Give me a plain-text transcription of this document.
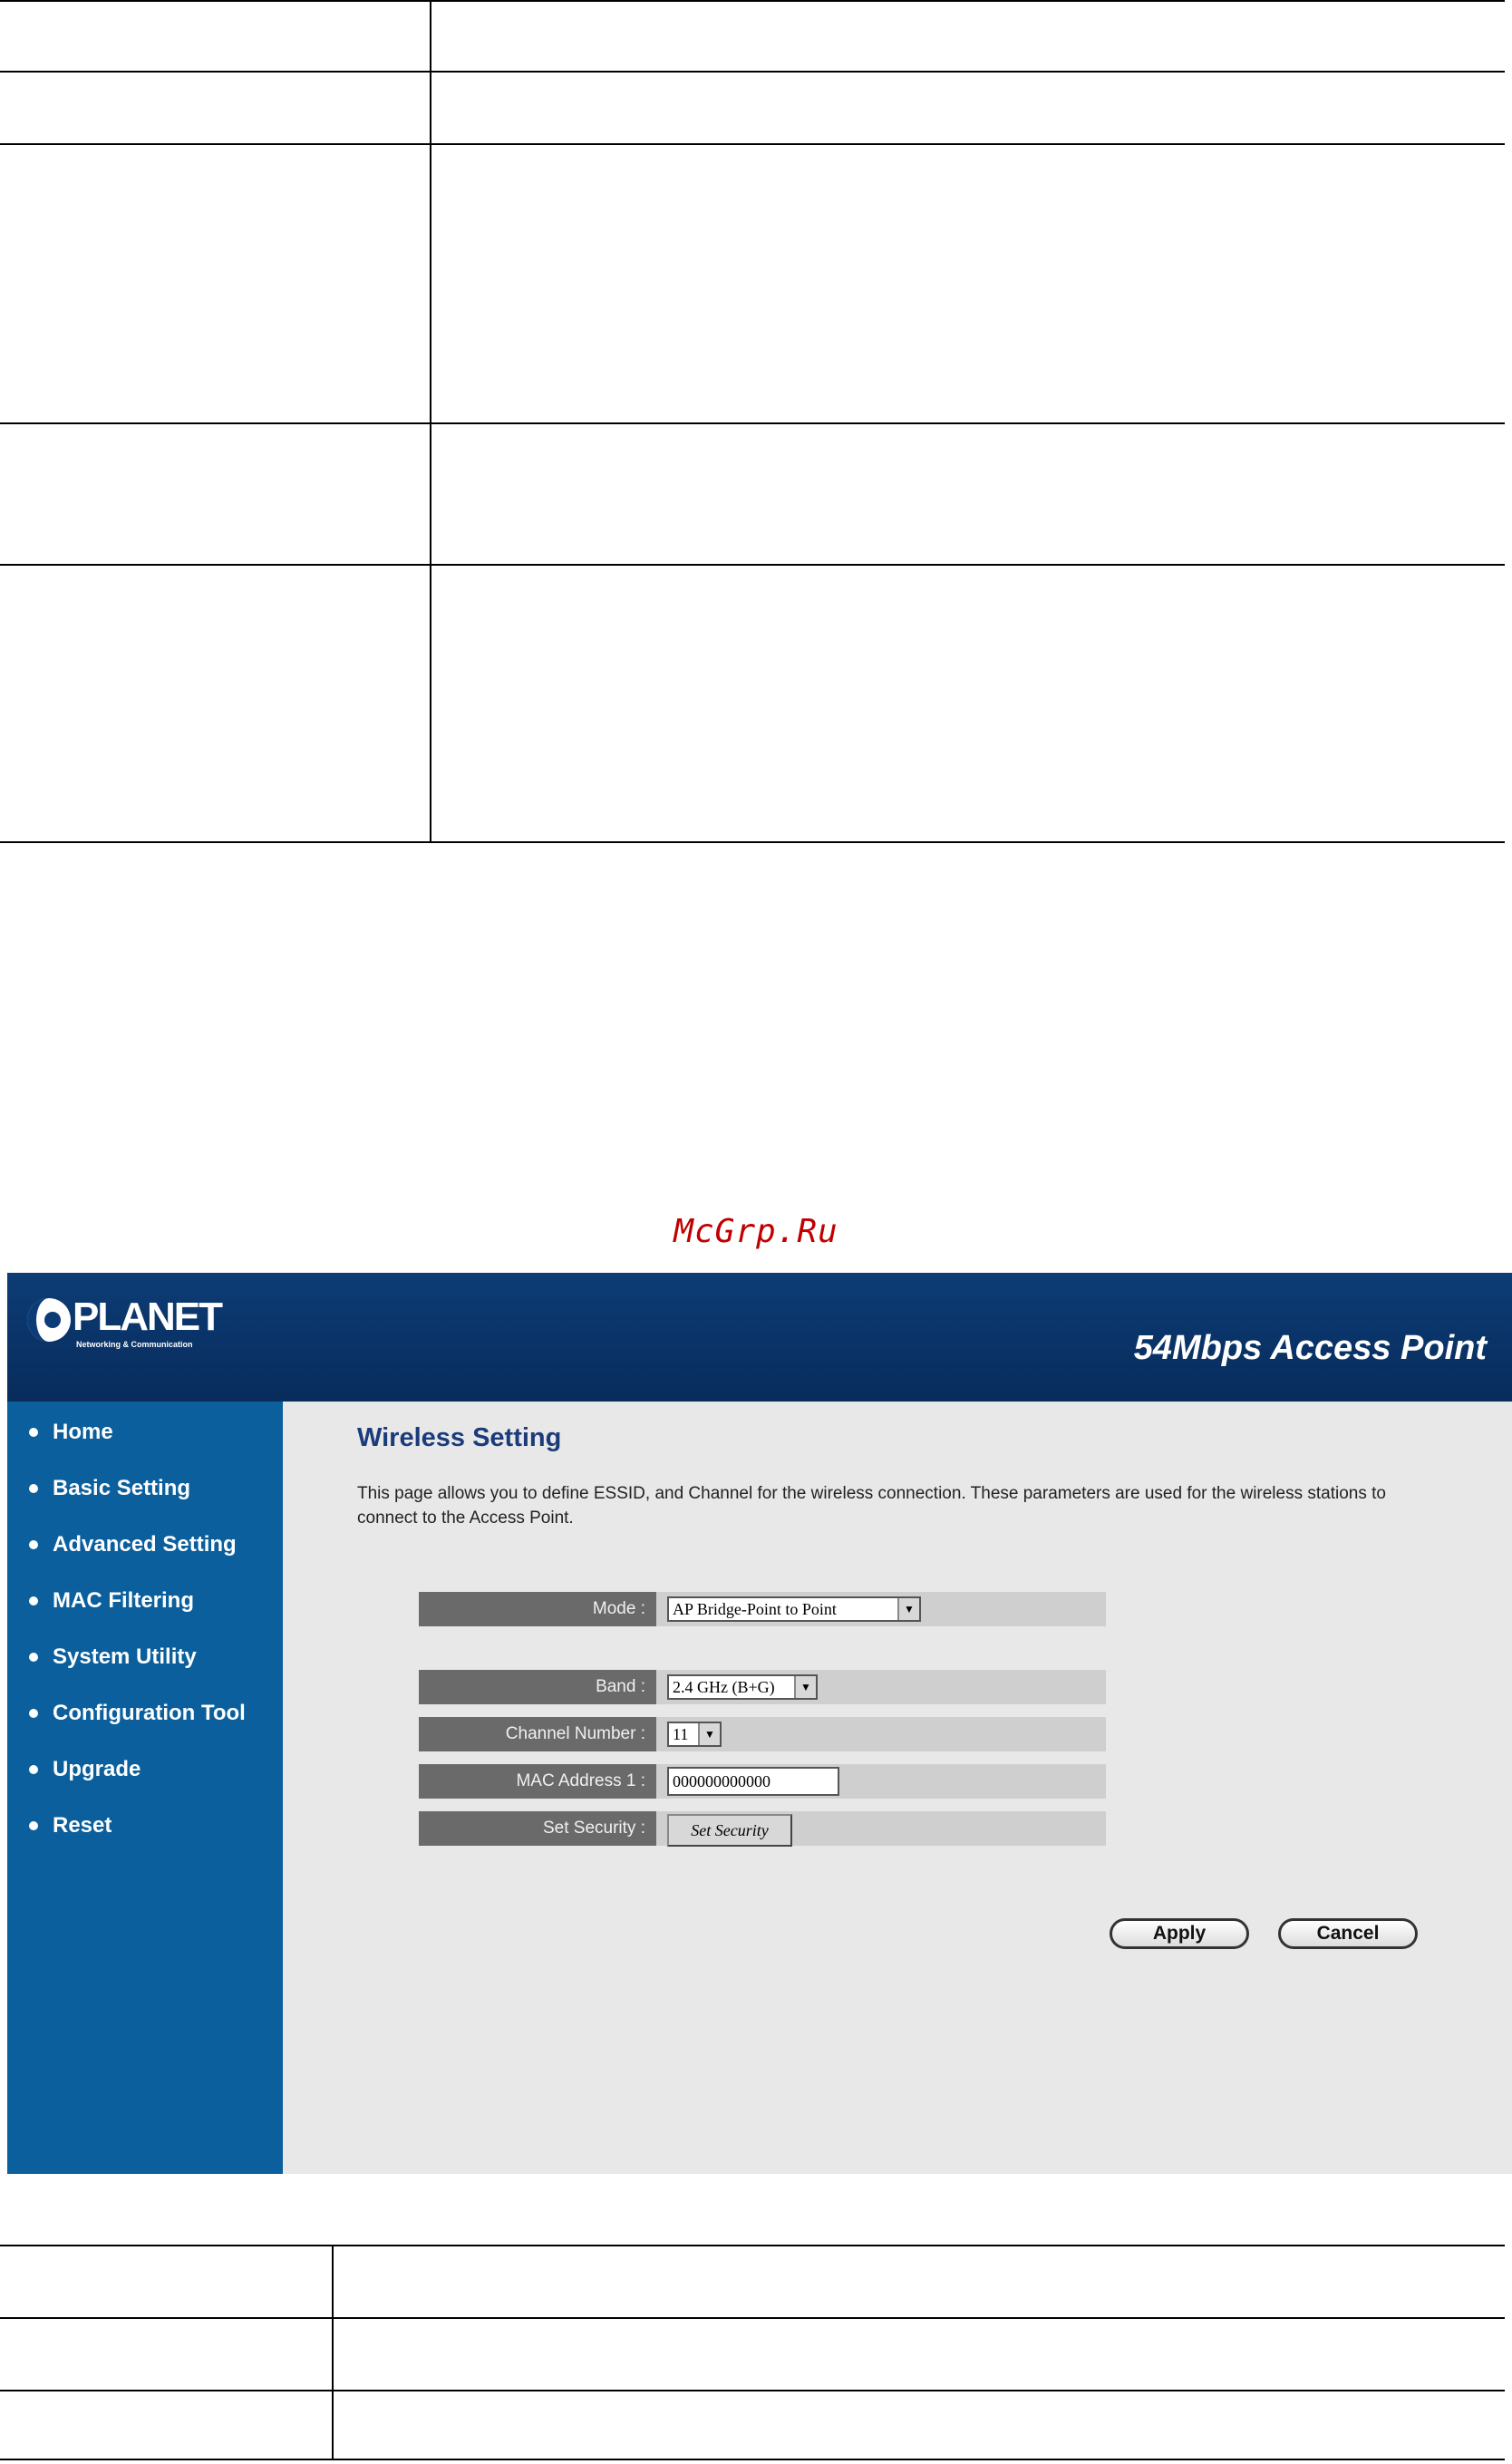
McGrp.Ru
PLANET
Networking & Communication	54Mbps Access Point
Home
Basic Setting
Advanced Setting
MAC Filtering
System Utility
Configuration Tool
Upgrade
Reset
Wireless Setting
This page allows you to define ESSID, and Channel for the wireless connection. These parameters are used for the wireless stations to connect to the Access Point.
Mode :	AP Bridge-Point to Point	▼
Band :	2.4 GHz (B+G)	▼
Channel Number :	11	▼
MAC Address 1 :	000000000000
Set Security :	Set Security
Apply	Cancel
